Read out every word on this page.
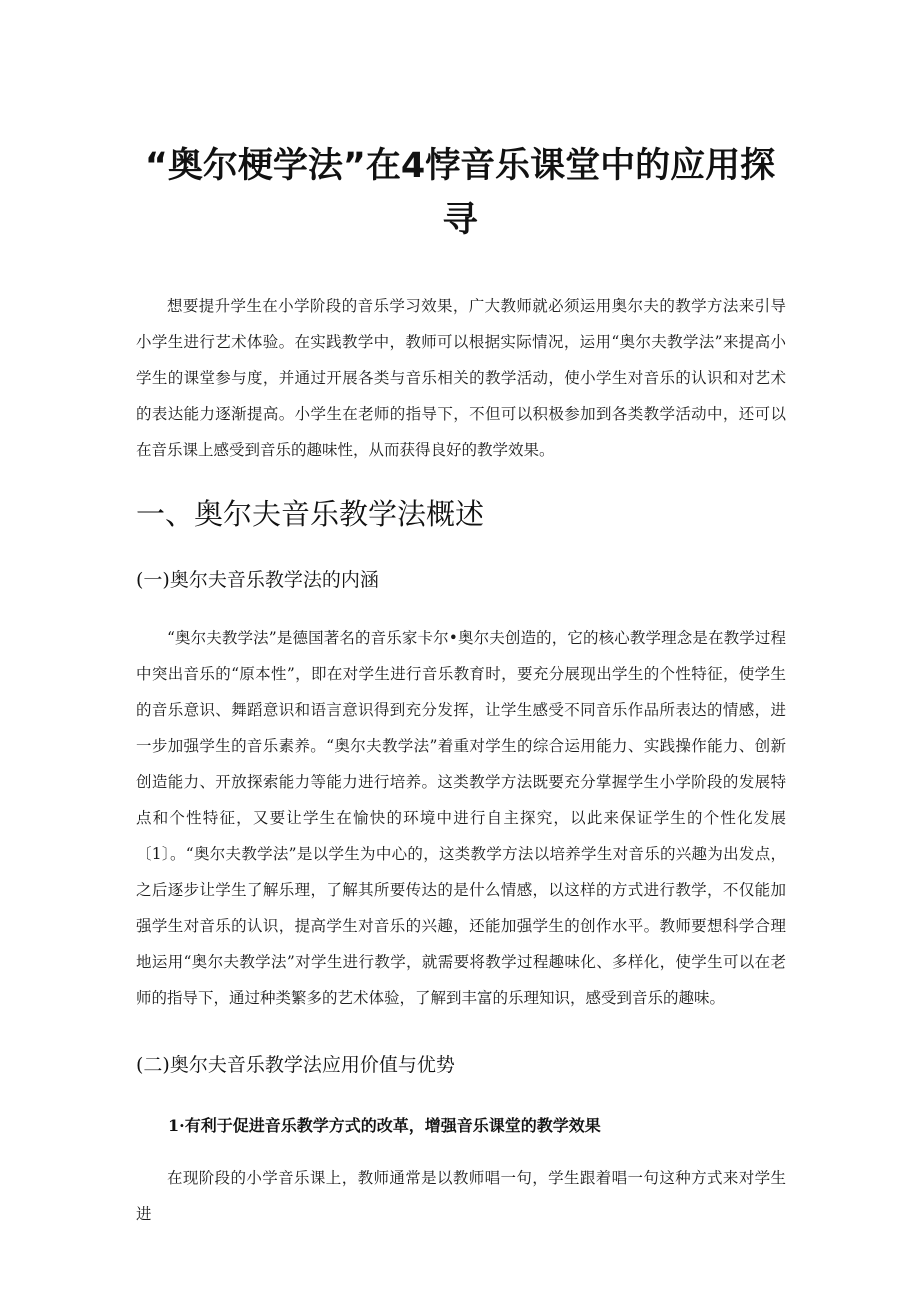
“奥尔梗学法”在4悖音乐课堂中的应用探
寻

想要提升学生在小学阶段的音乐学习效果，广大教师就必须运用奥尔夫的教学方法来引导小学生进行艺术体验。在实践教学中，教师可以根据实际情况，运用“奥尔夫教学法”来提高小学生的课堂参与度，并通过开展各类与音乐相关的教学活动，使小学生对音乐的认识和对艺术的表达能力逐渐提高。小学生在老师的指导下，不但可以积极参加到各类教学活动中，还可以在音乐课上感受到音乐的趣味性，从而获得良好的教学效果。

一、奥尔夫音乐教学法概述
(一)奥尔夫音乐教学法的内涵

“奥尔夫教学法”是德国著名的音乐家卡尔•奥尔夫创造的，它的核心教学理念是在教学过程中突出音乐的“原本性”，即在对学生进行音乐教育时，要充分展现出学生的个性特征，使学生的音乐意识、舞蹈意识和语言意识得到充分发挥，让学生感受不同音乐作品所表达的情感，进一步加强学生的音乐素养。“奥尔夫教学法”着重对学生的综合运用能力、实践操作能力、创新创造能力、开放探索能力等能力进行培养。这类教学方法既要充分掌握学生小学阶段的发展特点和个性特征，又要让学生在愉快的环境中进行自主探究，以此来保证学生的个性化发展〔1〕。“奥尔夫教学法”是以学生为中心的，这类教学方法以培养学生对音乐的兴趣为出发点，之后逐步让学生了解乐理，了解其所要传达的是什么情感，以这样的方式进行教学，不仅能加强学生对音乐的认识，提高学生对音乐的兴趣，还能加强学生的创作水平。教师要想科学合理地运用“奥尔夫教学法”对学生进行教学，就需要将教学过程趣味化、多样化，使学生可以在老师的指导下，通过种类繁多的艺术体验，了解到丰富的乐理知识，感受到音乐的趣味。

(二)奥尔夫音乐教学法应用价值与优势
1·有利于促进音乐教学方式的改革，增强音乐课堂的教学效果

在现阶段的小学音乐课上，教师通常是以教师唱一句，学生跟着唱一句这种方式来对学生进
